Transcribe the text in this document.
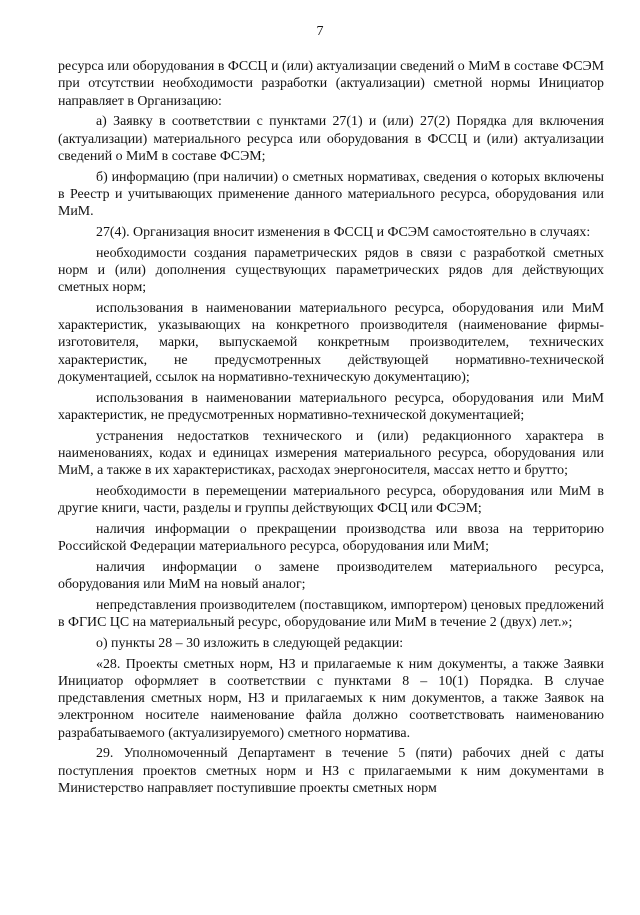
7

ресурса или оборудования в ФССЦ и (или) актуализации сведений о МиМ в составе ФСЭМ при отсутствии необходимости разработки (актуализации) сметной нормы Инициатор направляет в Организацию:

а) Заявку в соответствии с пунктами 27(1) и (или) 27(2) Порядка для включения (актуализации) материального ресурса или оборудования в ФССЦ и (или) актуализации сведений о МиМ в составе ФСЭМ;

б) информацию (при наличии) о сметных нормативах, сведения о которых включены в Реестр и учитывающих применение данного материального ресурса, оборудования или МиМ.

27(4). Организация вносит изменения в ФССЦ и ФСЭМ самостоятельно в случаях:

необходимости создания параметрических рядов в связи с разработкой сметных норм и (или) дополнения существующих параметрических рядов для действующих сметных норм;

использования в наименовании материального ресурса, оборудования или МиМ характеристик, указывающих на конкретного производителя (наименование фирмы-изготовителя, марки, выпускаемой конкретным производителем, технических характеристик, не предусмотренных действующей нормативно-технической документацией, ссылок на нормативно-техническую документацию);

использования в наименовании материального ресурса, оборудования или МиМ характеристик, не предусмотренных нормативно-технической документацией;

устранения недостатков технического и (или) редакционного характера в наименованиях, кодах и единицах измерения материального ресурса, оборудования или МиМ, а также в их характеристиках, расходах энергоносителя, массах нетто и брутто;

необходимости в перемещении материального ресурса, оборудования или МиМ в другие книги, части, разделы и группы действующих ФСЦ или ФСЭМ;

наличия информации о прекращении производства или ввоза на территорию Российской Федерации материального ресурса, оборудования или МиМ;

наличия информации о замене производителем материального ресурса, оборудования или МиМ на новый аналог;

непредставления производителем (поставщиком, импортером) ценовых предложений в ФГИС ЦС на материальный ресурс, оборудование или МиМ в течение 2 (двух) лет.»;

о) пункты 28 – 30 изложить в следующей редакции:

«28. Проекты сметных норм, НЗ и прилагаемые к ним документы, а также Заявки Инициатор оформляет в соответствии с пунктами 8 – 10(1) Порядка. В случае представления сметных норм, НЗ и прилагаемых к ним документов, а также Заявок на электронном носителе наименование файла должно соответствовать наименованию разрабатываемого (актуализируемого) сметного норматива.

29. Уполномоченный Департамент в течение 5 (пяти) рабочих дней с даты поступления проектов сметных норм и НЗ с прилагаемыми к ним документами в Министерство направляет поступившие проекты сметных норм
